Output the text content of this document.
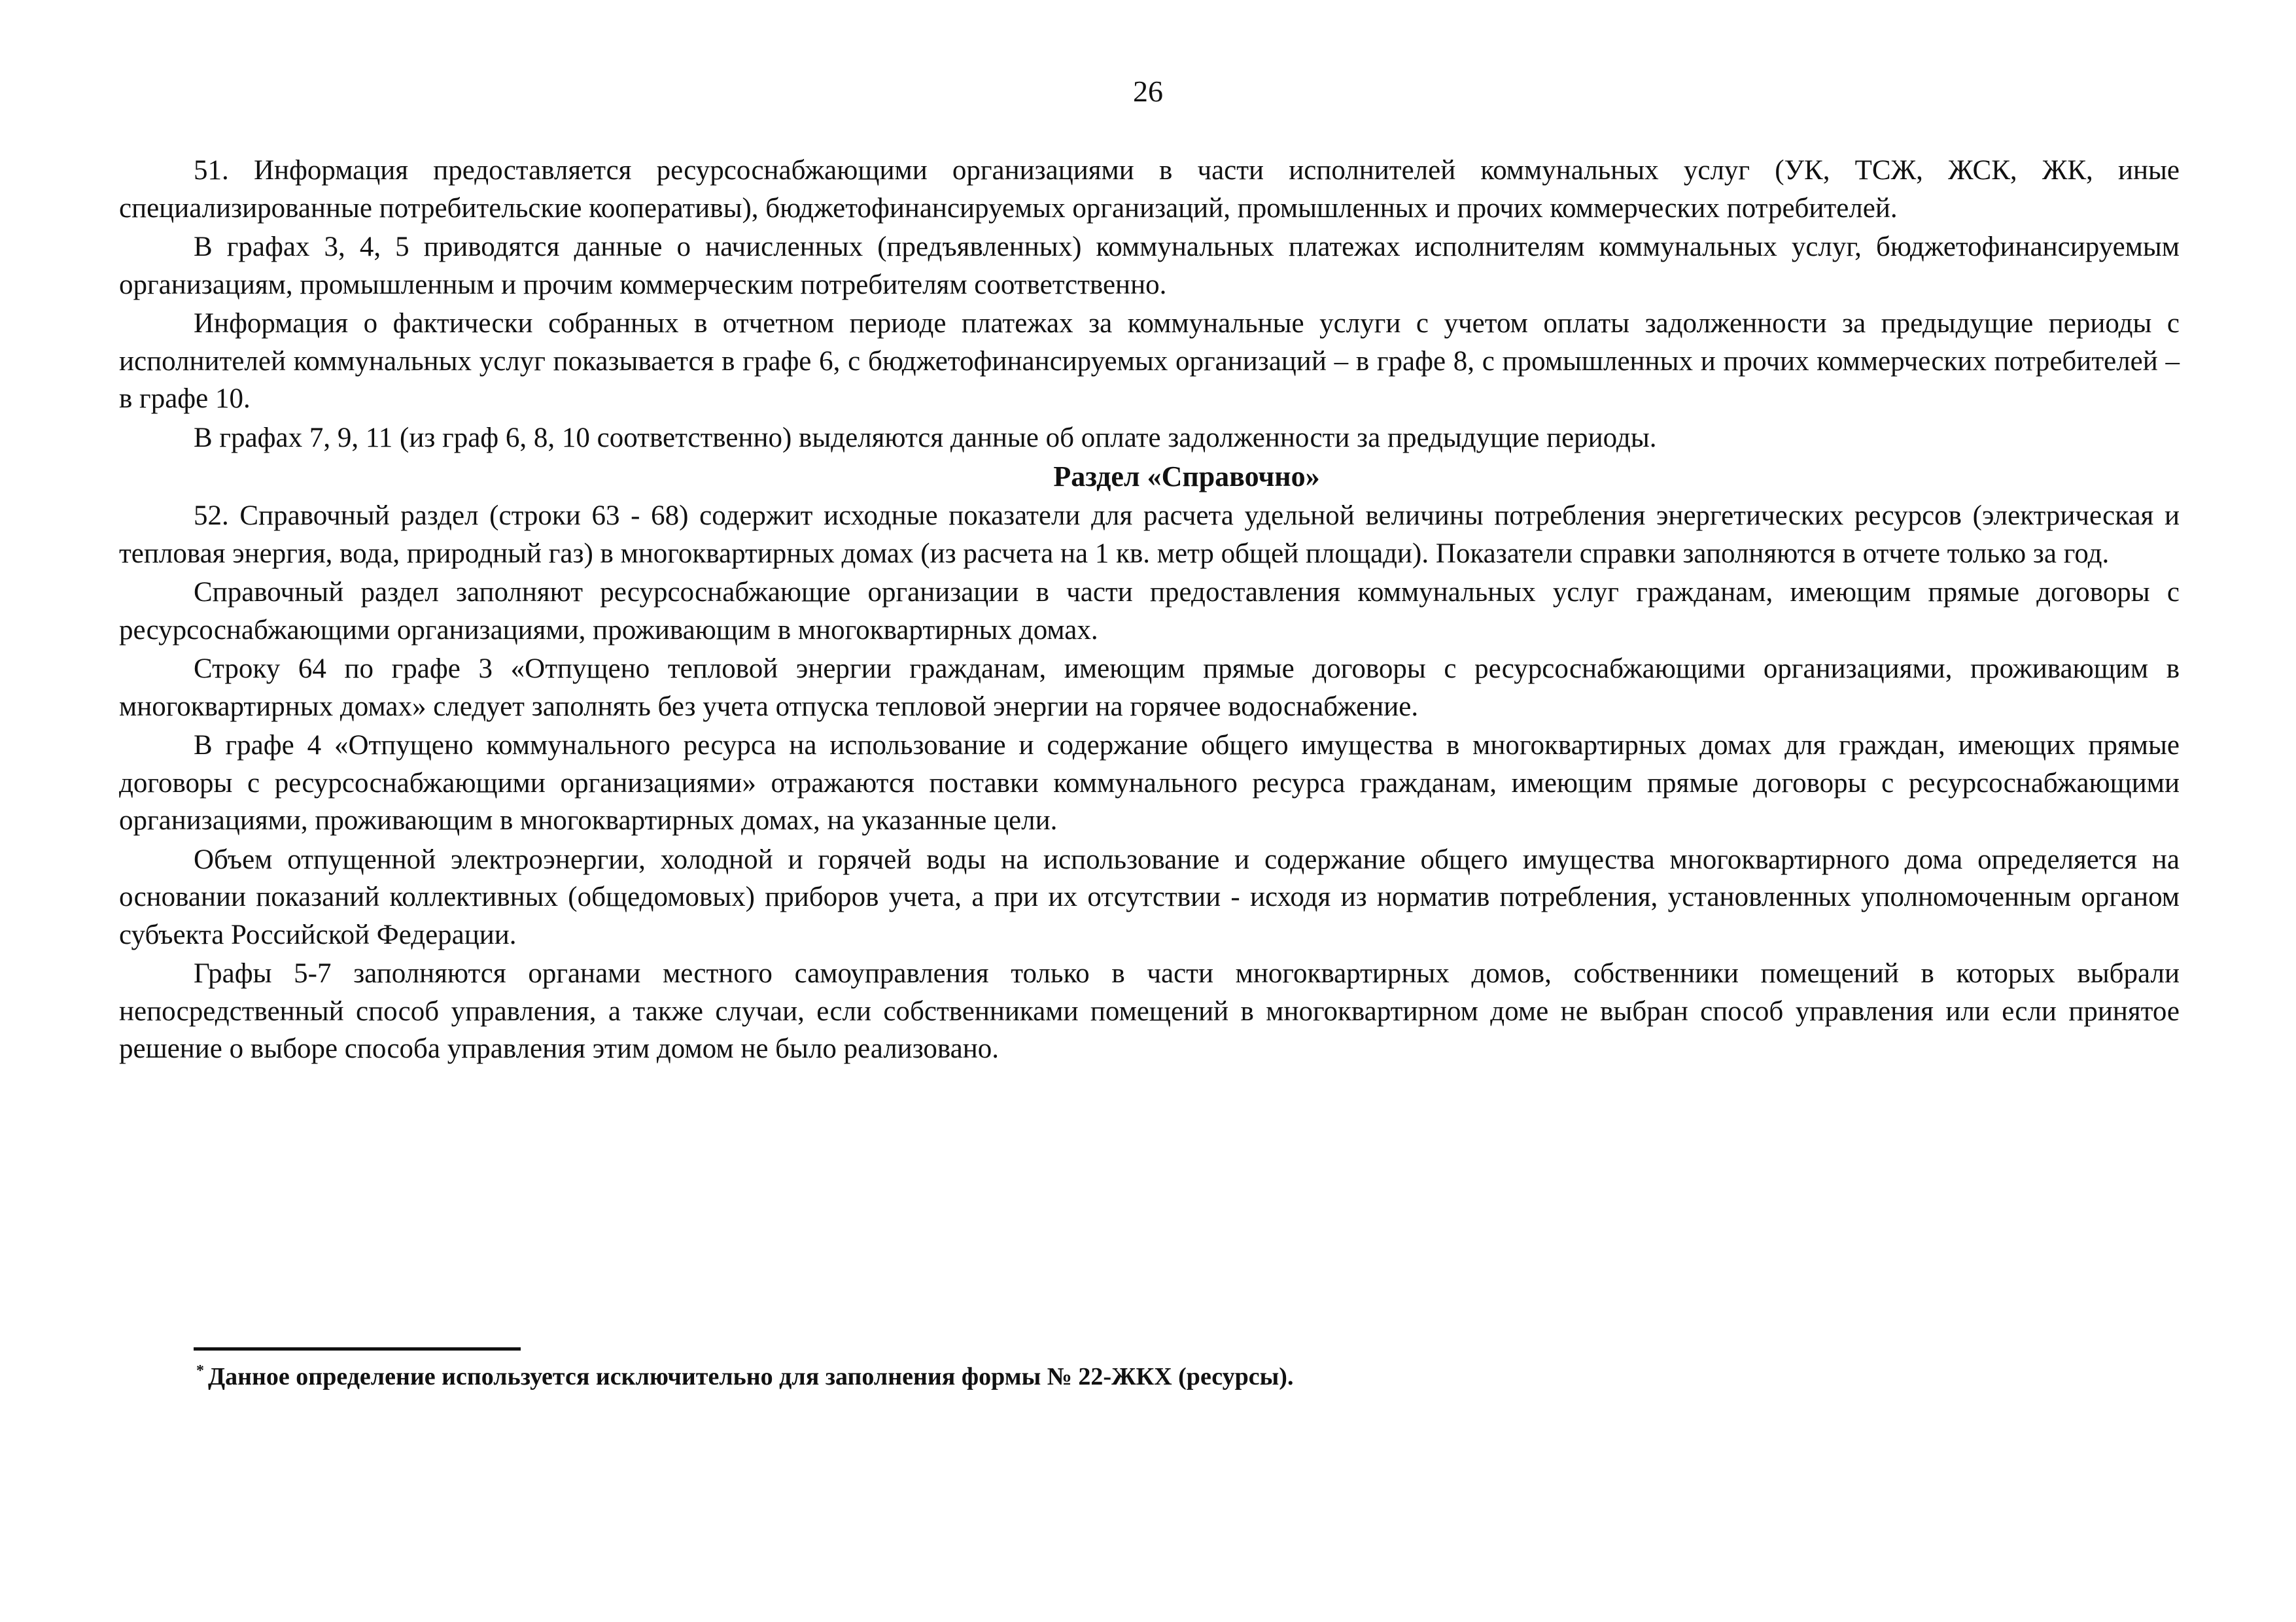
26

51. Информация предоставляется ресурсоснабжающими организациями в части исполнителей коммунальных услуг (УК, ТСЖ, ЖСК, ЖК, иные специализированные потребительские кооперативы), бюджетофинансируемых организаций, промышленных и прочих коммерческих потребителей.

В графах 3, 4, 5 приводятся данные о начисленных (предъявленных) коммунальных платежах исполнителям коммунальных услуг, бюджетофинансируемым организациям, промышленным и прочим коммерческим потребителям соответственно.

Информация о фактически собранных в отчетном периоде платежах за коммунальные услуги с учетом оплаты задолженности за предыдущие периоды с исполнителей коммунальных услуг показывается в графе 6, с бюджетофинансируемых организаций – в графе 8, с промышленных и прочих коммерческих потребителей – в графе 10.

В графах 7, 9, 11 (из граф 6, 8, 10 соответственно) выделяются данные об оплате задолженности за предыдущие периоды.

Раздел «Справочно»

52. Справочный раздел (строки 63 - 68) содержит исходные показатели для расчета удельной величины потребления энергетических ресурсов (электрическая и тепловая энергия, вода, природный газ) в многоквартирных домах (из расчета на 1 кв. метр общей площади). Показатели справки заполняются в отчете только за год.

Справочный раздел заполняют ресурсоснабжающие организации в части предоставления коммунальных услуг гражданам, имеющим прямые договоры с ресурсоснабжающими организациями, проживающим в многоквартирных домах.

Строку 64 по графе 3 «Отпущено тепловой энергии гражданам, имеющим прямые договоры с ресурсоснабжающими организациями, проживающим в многоквартирных домах» следует заполнять без учета отпуска тепловой энергии на горячее водоснабжение.

В графе 4 «Отпущено коммунального ресурса на использование и содержание общего имущества в многоквартирных домах для граждан, имеющих прямые договоры с ресурсоснабжающими организациями» отражаются поставки коммунального ресурса гражданам, имеющим прямые договоры с ресурсоснабжающими организациями, проживающим в многоквартирных домах, на указанные цели.

Объем отпущенной электроэнергии, холодной и горячей воды на использование и содержание общего имущества многоквартирного дома определяется на основании показаний коллективных (общедомовых) приборов учета, а при их отсутствии - исходя из норматив потребления, установленных уполномоченным органом субъекта Российской Федерации.

Графы 5-7 заполняются органами местного самоуправления только в части многоквартирных домов, собственники помещений в которых выбрали непосредственный способ управления, а также случаи, если собственниками помещений в многоквартирном доме не выбран способ управления или если принятое решение о выборе способа управления этим домом не было реализовано.

* Данное определение используется исключительно для заполнения формы № 22-ЖКХ (ресурсы).
